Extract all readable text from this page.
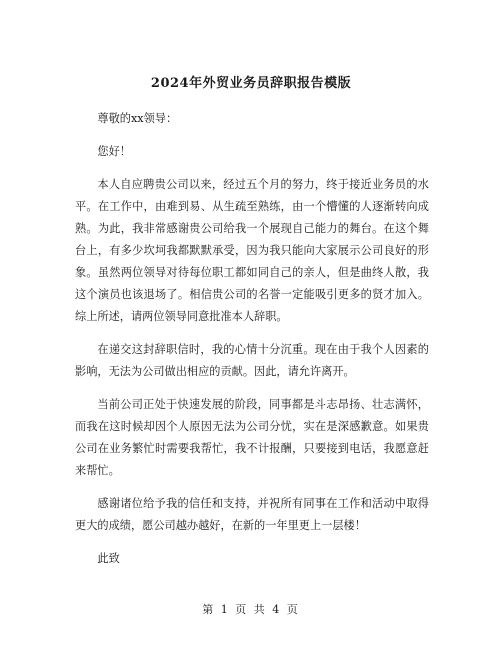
2024年外贸业务员辞职报告模版

尊敬的xx领导：

您好！

本人自应聘贵公司以来，经过五个月的努力，终于接近业务员的水平。在工作中，由难到易、从生疏至熟练，由一个懵懂的人逐渐转向成熟。为此，我非常感谢贵公司给我一个展现自己能力的舞台。在这个舞台上，有多少坎坷我都默默承受，因为我只能向大家展示公司良好的形象。虽然两位领导对待每位职工都如同自己的亲人，但是曲终人散，我这个演员也该退场了。相信贵公司的名誉一定能吸引更多的贤才加入。综上所述，请两位领导同意批准本人辞职。

在递交这封辞职信时，我的心情十分沉重。现在由于我个人因素的影响，无法为公司做出相应的贡献。因此，请允许离开。

当前公司正处于快速发展的阶段，同事都是斗志昂扬、壮志满怀，而我在这时候却因个人原因无法为公司分忧，实在是深感歉意。如果贵公司在业务繁忙时需要我帮忙，我不计报酬，只要接到电话，我愿意赶来帮忙。

感谢诸位给予我的信任和支持，并祝所有同事在工作和活动中取得更大的成绩，愿公司越办越好，在新的一年里更上一层楼！

此致

第 1 页 共 4 页
